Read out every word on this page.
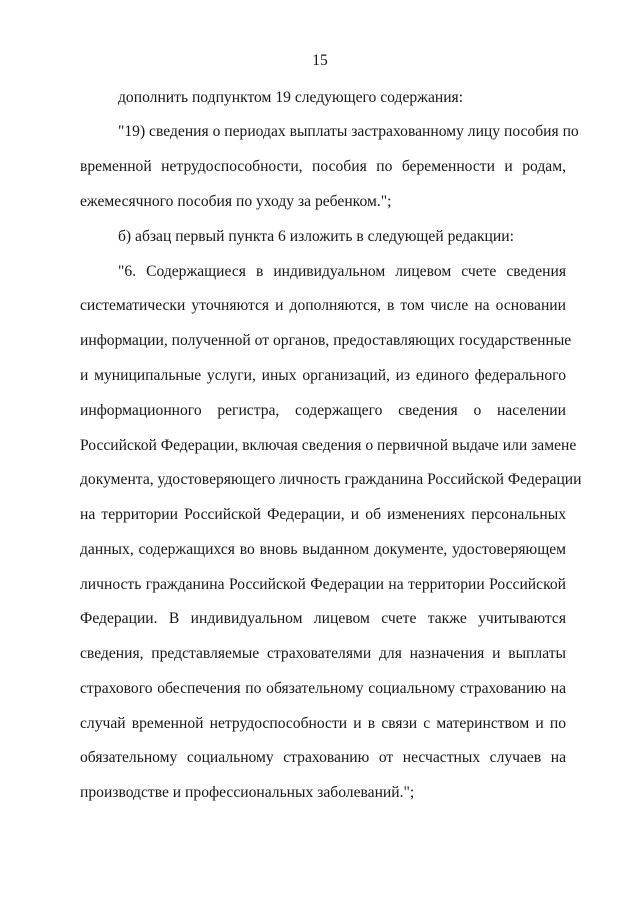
15
дополнить подпунктом 19 следующего содержания:
"19) сведения о периодах выплаты застрахованному лицу пособия по
временной нетрудоспособности, пособия по беременности и родам,
ежемесячного пособия по уходу за ребенком.";
б) абзац первый пункта 6 изложить в следующей редакции:
"6. Содержащиеся в индивидуальном лицевом счете сведения
систематически уточняются и дополняются, в том числе на основании
информации, полученной от органов, предоставляющих государственные
и муниципальные услуги, иных организаций, из единого федерального
информационного регистра, содержащего сведения о населении
Российской Федерации, включая сведения о первичной выдаче или замене
документа, удостоверяющего личность гражданина Российской Федерации
на территории Российской Федерации, и об изменениях персональных
данных, содержащихся во вновь выданном документе, удостоверяющем
личность гражданина Российской Федерации на территории Российской
Федерации. В индивидуальном лицевом счете также учитываются
сведения, представляемые страхователями для назначения и выплаты
страхового обеспечения по обязательному социальному страхованию на
случай временной нетрудоспособности и в связи с материнством и по
обязательному социальному страхованию от несчастных случаев на
производстве и профессиональных заболеваний.";
